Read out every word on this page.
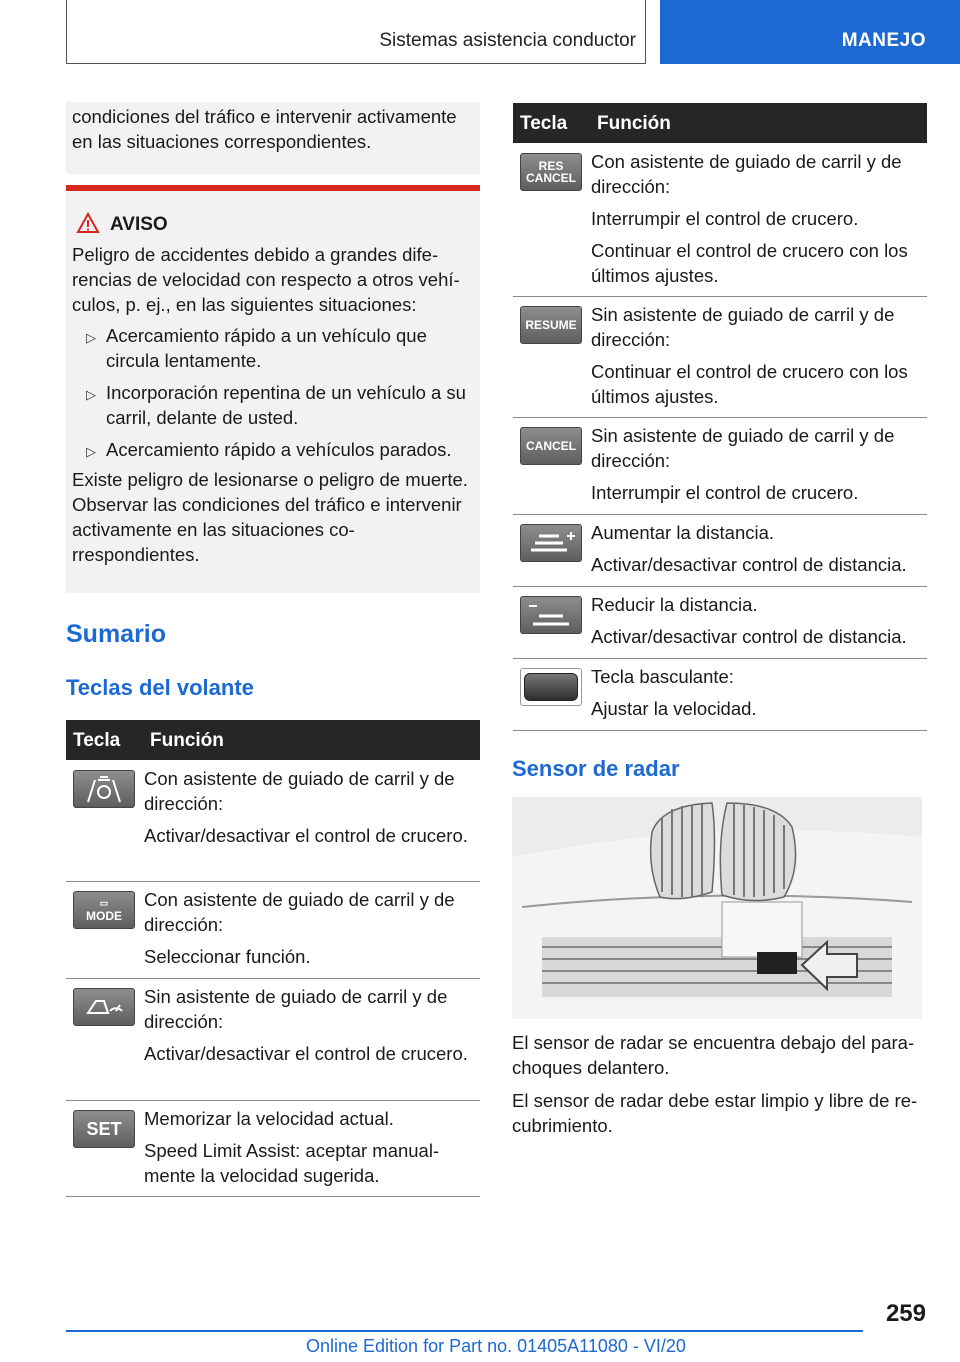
Sistemas asistencia conductor	MANEJO

condiciones del tráfico e intervenir activamente en las situaciones correspondientes.

AVISO

Peligro de accidentes debido a grandes diferencias de velocidad con respecto a otros vehículos, p. ej., en las siguientes situaciones:

▷ Acercamiento rápido a un vehículo que circula lentamente.
▷ Incorporación repentina de un vehículo a su carril, delante de usted.
▷ Acercamiento rápido a vehículos parados.

Existe peligro de lesionarse o peligro de muerte. Observar las condiciones del tráfico e intervenir activamente en las situaciones correspondientes.

Sumario
Teclas del volante
Tecla Función

Con asistente de guiado de carril y de dirección:

Activar/desactivar el control de crucero.

▭
MODE

Con asistente de guiado de carril y de dirección:

Seleccionar función.

Sin asistente de guiado de carril y de dirección:

Activar/desactivar el control de crucero.

SET	Memorizar la velocidad actual.

Speed Limit Assist: aceptar manualmente la velocidad sugerida.

Tecla Función
RES CANCEL

Con asistente de guiado de carril y de dirección:

Interrumpir el control de crucero.

Continuar el control de crucero con los últimos ajustes.

RESUME Sin asistente de guiado de carril y de dirección:

Continuar el control de crucero con los últimos ajustes.

CANCEL Sin asistente de guiado de carril y de dirección:

Interrumpir el control de crucero.

Aumentar la distancia.

Activar/desactivar control de distancia.

Reducir la distancia.

Activar/desactivar control de distancia.

Tecla basculante:

Ajustar la velocidad.

Sensor de radar

El sensor de radar se encuentra debajo del parachoques delantero.

El sensor de radar debe estar limpio y libre de recubrimiento.

259
Online Edition for Part no. 01405A11080 - VI/20
